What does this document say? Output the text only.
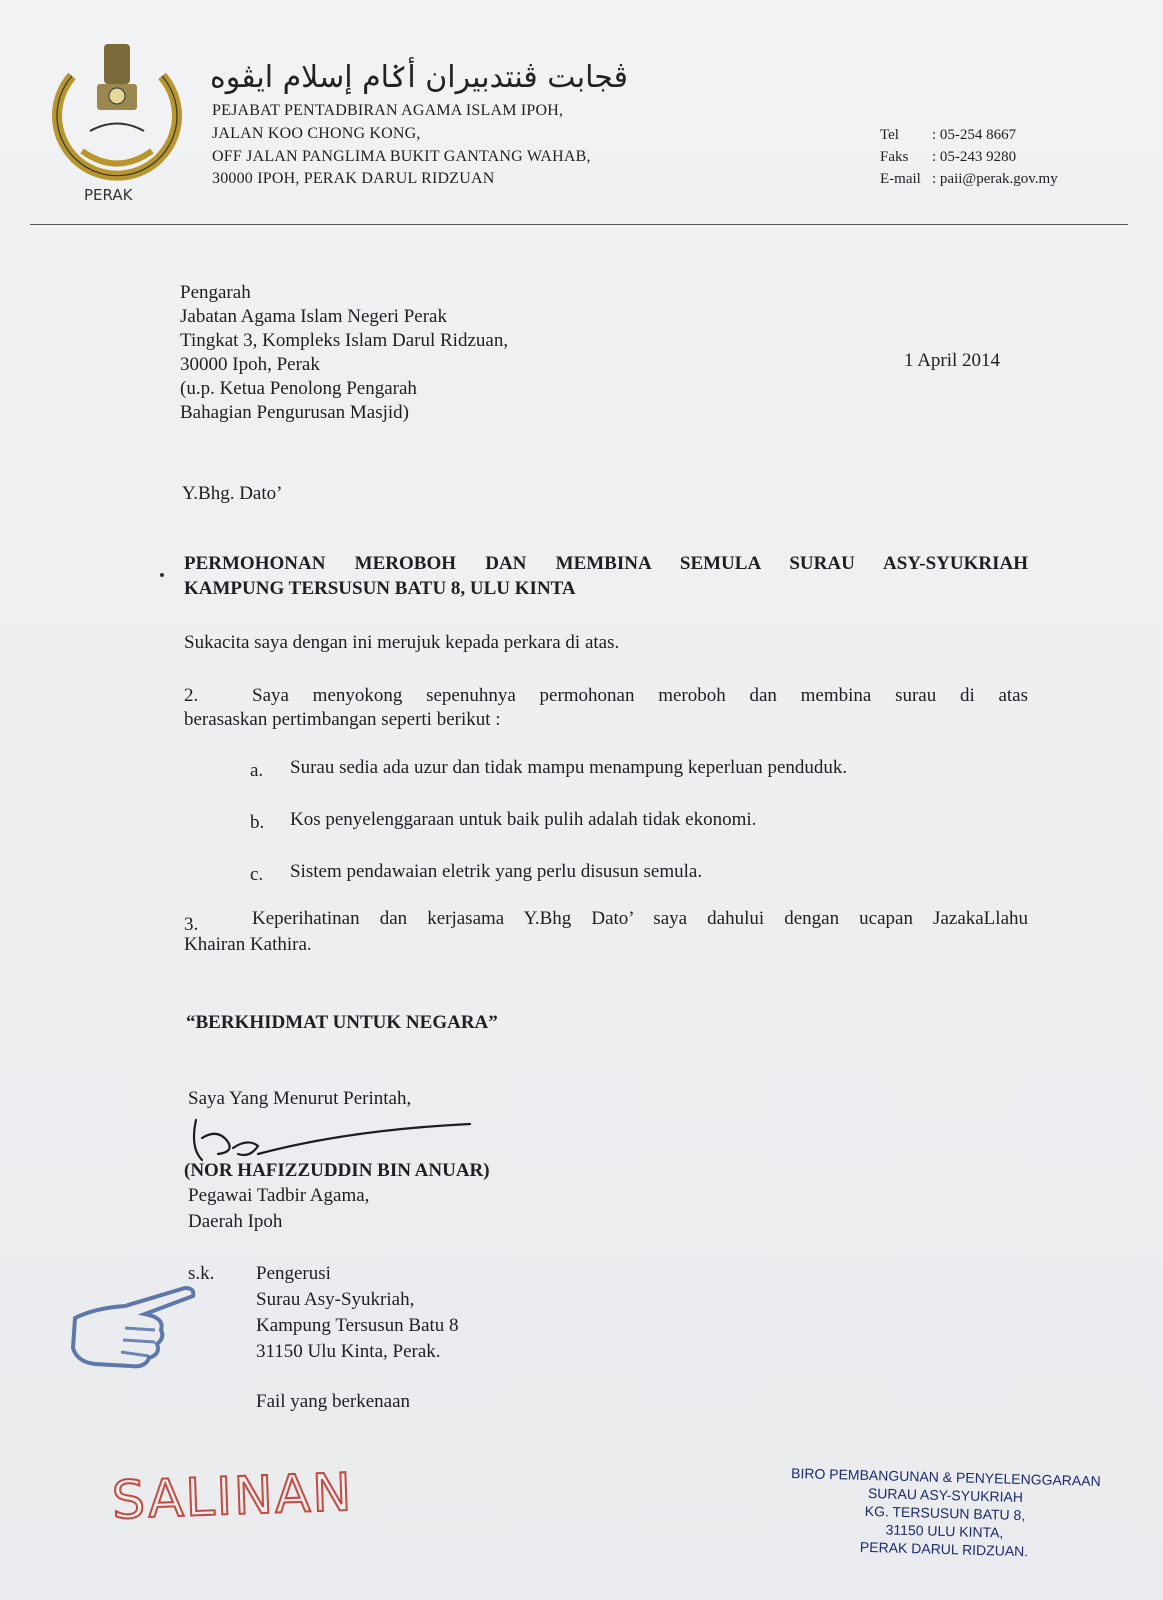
PERAK
ڤجابت ڤنتدبيران أݢام إسلام ايڤوه
PEJABAT PENTADBIRAN AGAMA ISLAM IPOH,
JALAN KOO CHONG KONG,
OFF JALAN PANGLIMA BUKIT GANTANG WAHAB,
30000 IPOH, PERAK DARUL RIDZUAN
Tel : 05-254 8667
Faks : 05-243 9280
E-mail : paii@perak.gov.my
Pengarah
Jabatan Agama Islam Negeri Perak
Tingkat 3, Kompleks Islam Darul Ridzuan,
30000 Ipoh, Perak
(u.p. Ketua Penolong Pengarah
Bahagian Pengurusan Masjid)
1 April 2014
Y.Bhg. Dato’
PERMOHONAN MEROBOH DAN MEMBINA SEMULA SURAU ASY-SYUKRIAH
KAMPUNG TERSUSUN BATU 8, ULU KINTA
Sukacita saya dengan ini merujuk kepada perkara di atas.
2.	Saya menyokong sepenuhnya permohonan meroboh dan membina surau di atas
berasaskan pertimbangan seperti berikut :
a. Surau sedia ada uzur dan tidak mampu menampung keperluan penduduk.
b. Kos penyelenggaraan untuk baik pulih adalah tidak ekonomi.
c. Sistem pendawaian eletrik yang perlu disusun semula.
3.	Keperihatinan dan kerjasama Y.Bhg Dato’ saya dahului dengan ucapan JazakaLlahu
Khairan Kathira.
“BERKHIDMAT UNTUK NEGARA”
Saya Yang Menurut Perintah,
(NOR HAFIZZUDDIN BIN ANUAR)
Pegawai Tadbir Agama,
Daerah Ipoh
s.k. Pengerusi
Surau Asy-Syukriah,
Kampung Tersusun Batu 8
31150 Ulu Kinta, Perak.
Fail yang berkenaan
SALINAN	BIRO PEMBANGUNAN & PENYELENGGARAAN
SURAU ASY-SYUKRIAH
KG. TERSUSUN BATU 8,
31150 ULU KINTA,
PERAK DARUL RIDZUAN.
